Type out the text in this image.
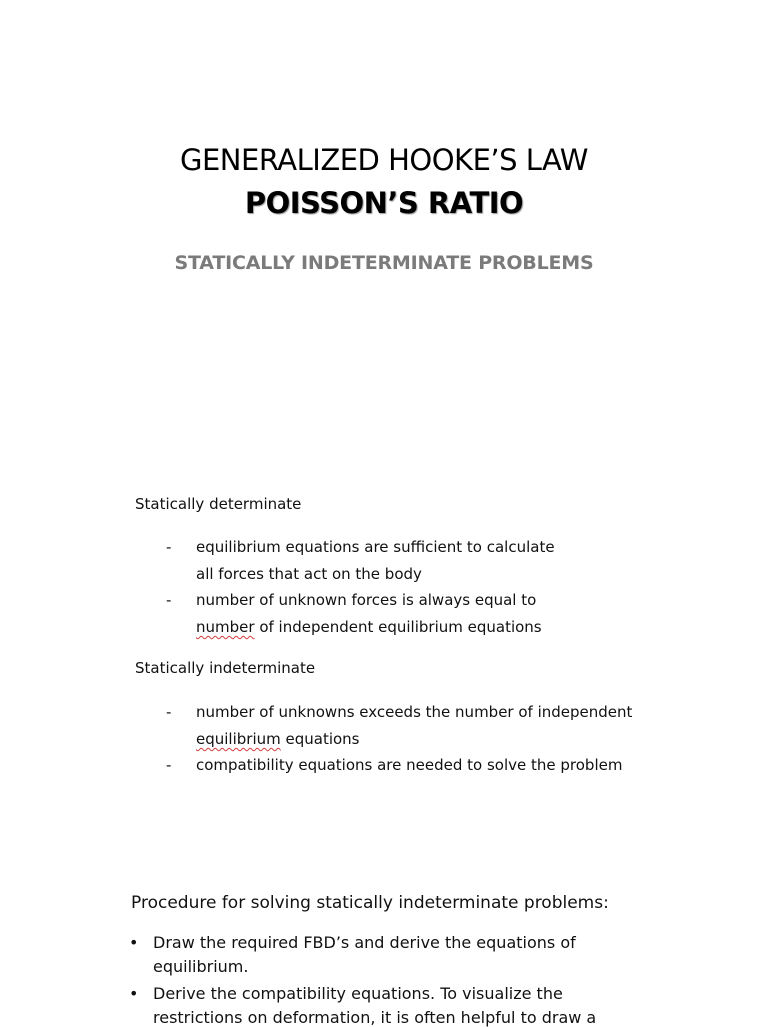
GENERALIZED HOOKE’S LAW
POISSON’S RATIO
STATICALLY INDETERMINATE PROBLEMS
Statically determinate
- equilibrium equations are sufficient to calculate
all forces that act on the body
- number of unknown forces is always equal to
number of independent equilibrium equations
Statically indeterminate
- number of unknowns exceeds the number of independent
equilibrium equations
- compatibility equations are needed to solve the problem
Procedure for solving statically indeterminate problems:
• Draw the required FBD’s and derive the equations of
equilibrium.
• Derive the compatibility equations. To visualize the
restrictions on deformation, it is often helpful to draw a
